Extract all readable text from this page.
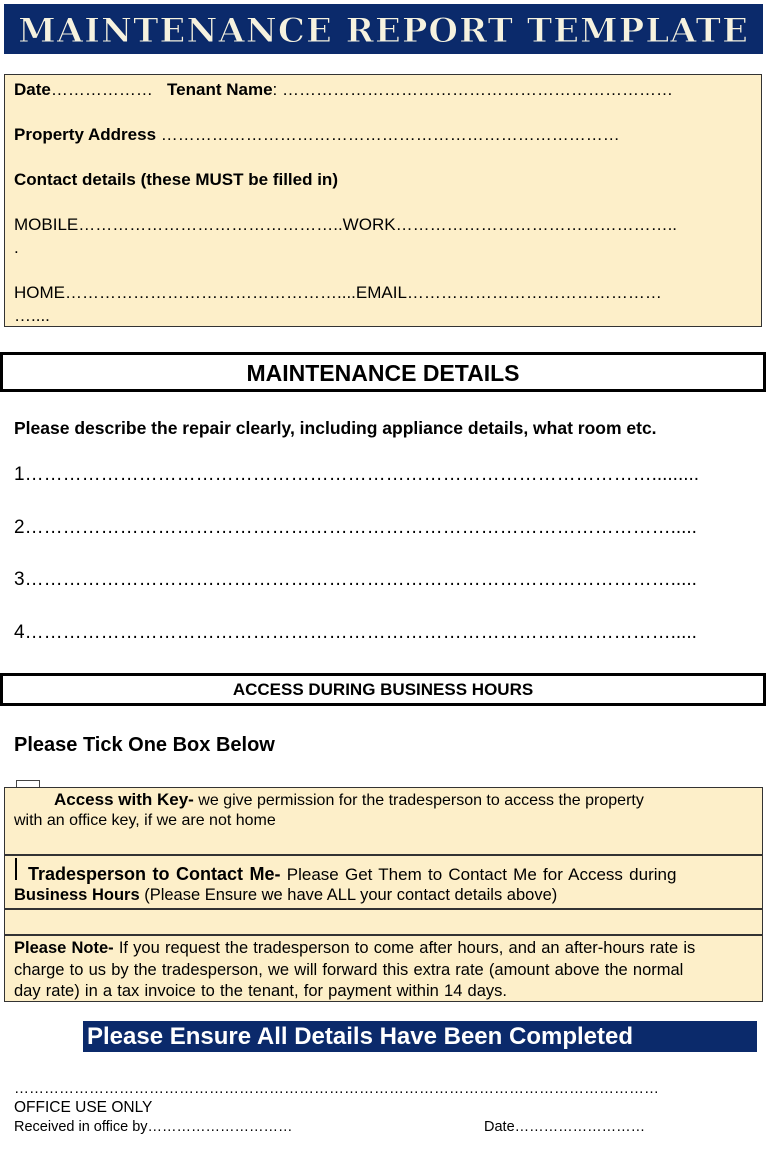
MAINTENANCE REPORT TEMPLATE
Date……………… Tenant Name: ……………………………………………………………
Property Address ………………………………………………………………………
Contact details (these MUST be filled in)
MOBILE………………………………………..WORK…………………………………………..
.
HOME…………………………………………....EMAIL………………………………………
…....
MAINTENANCE DETAILS
Please describe the repair clearly, including appliance details, what room etc.
1……………………………………………………………………………………….........
2………………………………………………………………………………………….....
3………………………………………………………………………………………….....
4………………………………………………………………………………………….....
ACCESS DURING BUSINESS HOURS
Please Tick One Box Below
Access with Key- we give permission for the tradesperson to access the property
with an office key, if we are not home
Tradesperson to Contact Me- Please Get Them to Contact Me for Access during
Business Hours (Please Ensure we have ALL your contact details above)
Please Note- If you request the tradesperson to come after hours, and an after-hours rate is
charge to us by the tradesperson, we will forward this extra rate (amount above the normal
day rate) in a tax invoice to the tenant, for payment within 14 days.
Please Ensure All Details Have Been Completed
…………………………………………………………………………………………………………………
OFFICE USE ONLY
Received in office by…………………………	Date………………………
